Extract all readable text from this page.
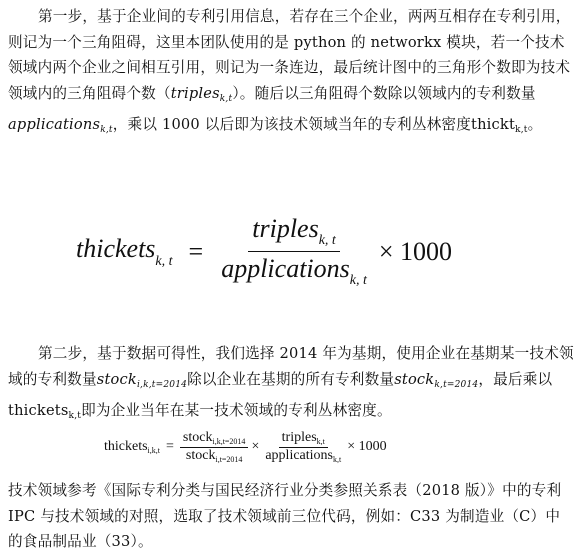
第一步，基于企业间的专利引用信息，若存在三个企业，两两互相存在专利引用，则记为一个三角阻碍，这里本团队使用的是 python 的 networkx 模块，若一个技术领域内两个企业之间相互引用，则记为一条连边，最后统计图中的三角形个数即为技术领域内的三角阻碍个数（triples$_{k,t}$）。随后以三角阻碍个数除以领域内的专利数量applications$_{k,t}$，乘以 1000 以后即为该技术领域当年的专利丛林密度thickt$_{k,t}$。
thickets$_{k, t}$ = $\frac{triples_{k, t}}{applications_{k, t}} \times 1000$
第二步，基于数据可得性，我们选择 2014 年为基期，使用企业在基期某一技术领域的专利数量stock$_{i,k,t=2014}$除以企业在基期的所有专利数量stock$_{k,t=2014}$，最后乘以thickets$_{k,t}$即为企业当年在某一技术领域的专利丛林密度。
thickets$_{i,k,t}$ = $\frac{stock_{i,k,t=2014}}{stock_{i,t=2014}} \times \frac{triples_{k,t}}{applications_{k,t}} \times 1000$
技术领域参考《国际专利分类与国民经济行业分类参照关系表（2018 版）》中的专利 IPC 与技术领域的对照，选取了技术领域前三位代码，例如：C33 为制造业（C）中的食品制品业（33）。
